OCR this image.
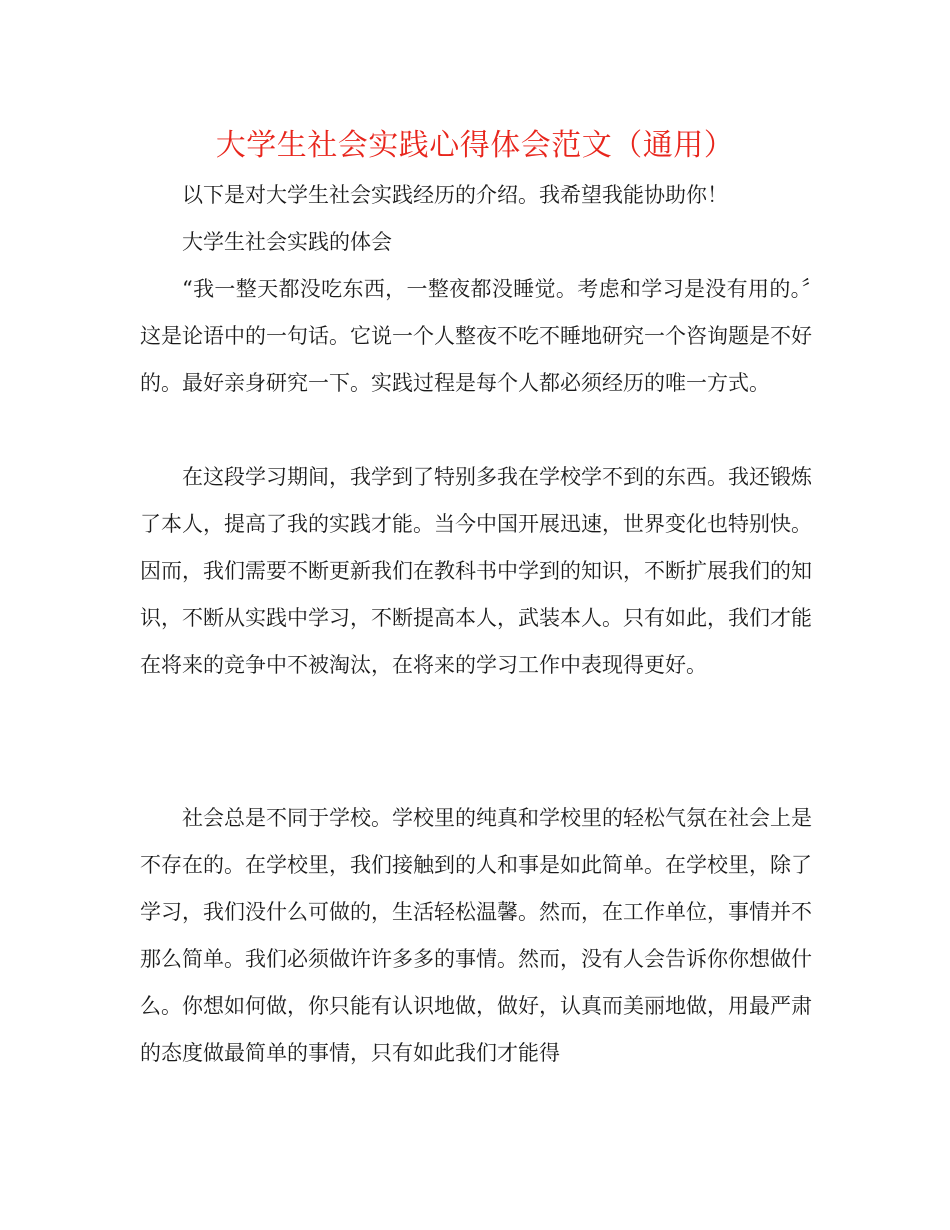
大学生社会实践心得体会范文（通用）

以下是对大学生社会实践经历的介绍。我希望我能协助你！

大学生社会实践的体会

“我一整天都没吃东西，一整夜都没睡觉。考虑和学习是没有用的。〞这是论语中的一句话。它说一个人整夜不吃不睡地研究一个咨询题是不好的。最好亲身研究一下。实践过程是每个人都必须经历的唯一方式。

在这段学习期间，我学到了特别多我在学校学不到的东西。我还锻炼了本人，提高了我的实践才能。当今中国开展迅速，世界变化也特别快。因而，我们需要不断更新我们在教科书中学到的知识，不断扩展我们的知识，不断从实践中学习，不断提高本人，武装本人。只有如此，我们才能在将来的竞争中不被淘汰，在将来的学习工作中表现得更好。

社会总是不同于学校。学校里的纯真和学校里的轻松气氛在社会上是不存在的。在学校里，我们接触到的人和事是如此简单。在学校里，除了学习，我们没什么可做的，生活轻松温馨。然而，在工作单位，事情并不那么简单。我们必须做许许多多的事情。然而，没有人会告诉你你想做什么。你想如何做，你只能有认识地做，做好，认真而美丽地做，用最严肃的态度做最简单的事情，只有如此我们才能得
